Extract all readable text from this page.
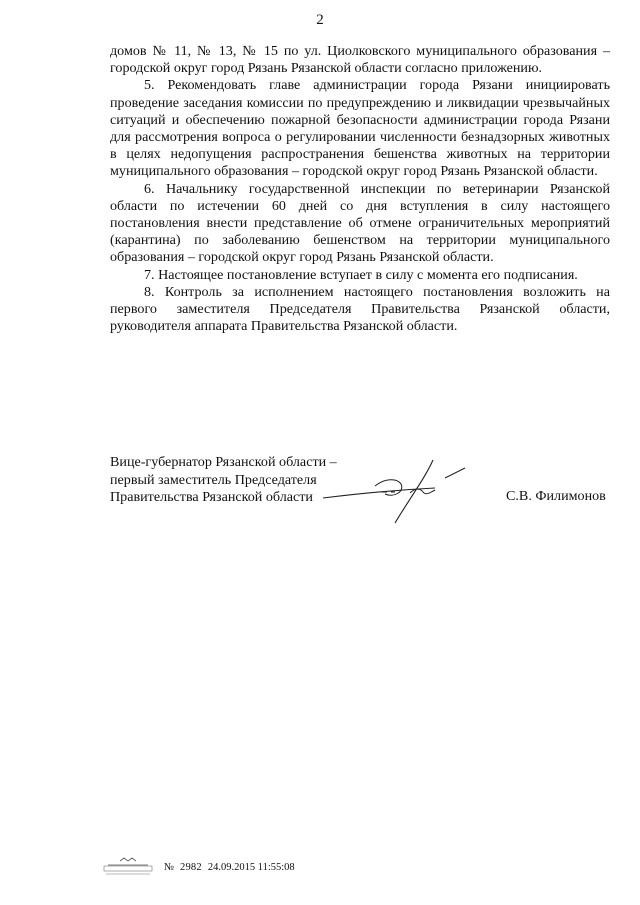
2

домов № 11, № 13, № 15 по ул. Циолковского муниципального образования – городской округ город Рязань Рязанской области согласно приложению.

5. Рекомендовать главе администрации города Рязани инициировать проведение заседания комиссии по предупреждению и ликвидации чрезвычайных ситуаций и обеспечению пожарной безопасности администрации города Рязани для рассмотрения вопроса о регулировании численности безнадзорных животных в целях недопущения распространения бешенства животных на территории муниципального образования – городской округ город Рязань Рязанской области.

6. Начальнику государственной инспекции по ветеринарии Рязанской области по истечении 60 дней со дня вступления в силу настоящего постановления внести представление об отмене ограничительных мероприятий (карантина) по заболеванию бешенством на территории муниципального образования – городской округ город Рязань Рязанской области.

7. Настоящее постановление вступает в силу с момента его подписания.

8. Контроль за исполнением настоящего постановления возложить на первого заместителя Председателя Правительства Рязанской области, руководителя аппарата Правительства Рязанской области.

Вице-губернатор Рязанской области –
первый заместитель Председателя
Правительства Рязанской области	С.В. Филимонов
№ 2982 24.09.2015 11:55:08
